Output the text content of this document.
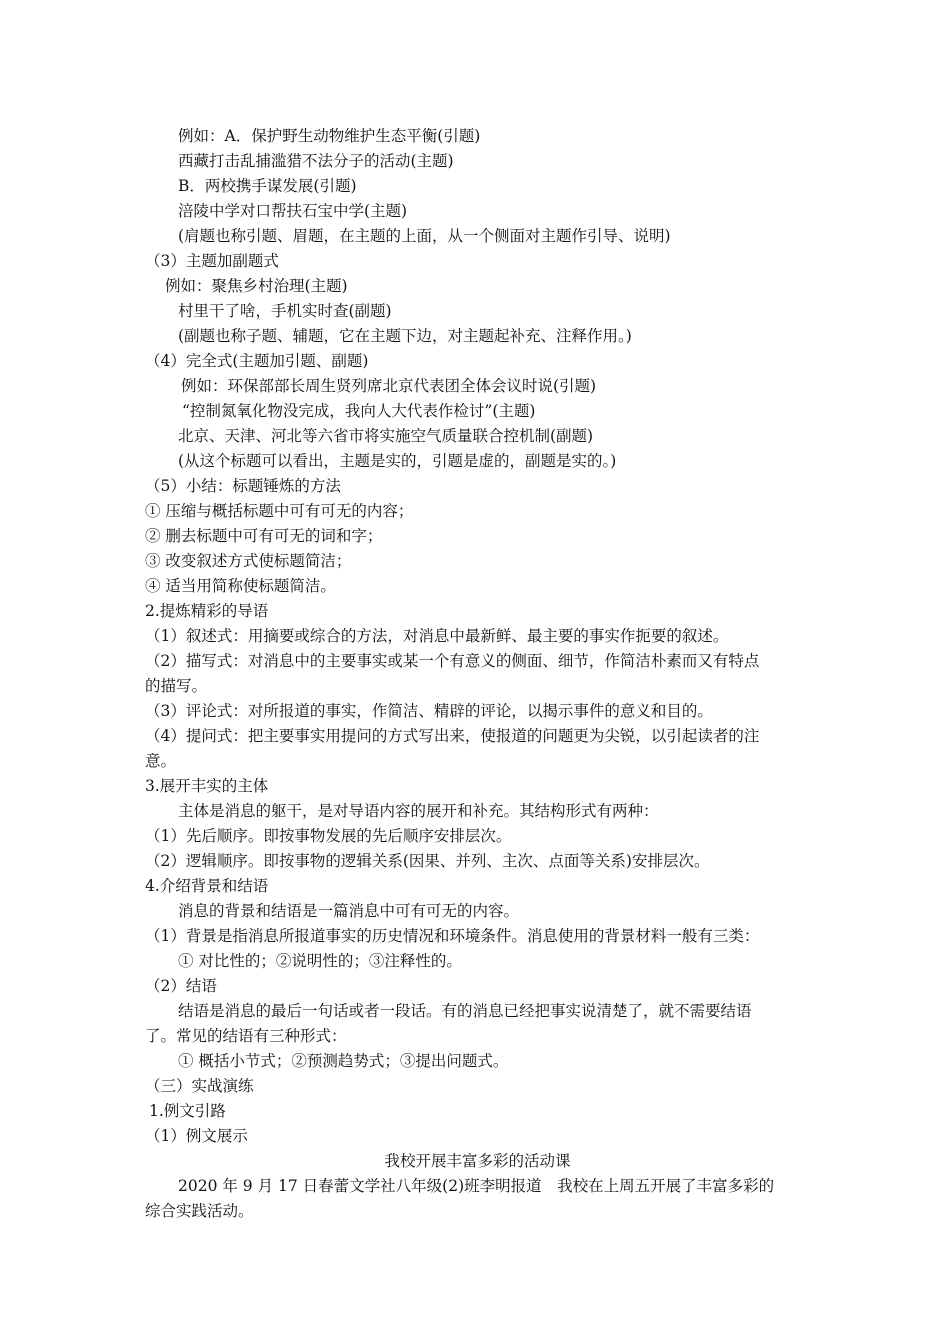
例如：A．保护野生动物维护生态平衡(引题)
西藏打击乱捕滥猎不法分子的活动(主题)
B．两校携手谋发展(引题)
涪陵中学对口帮扶石宝中学(主题)
(肩题也称引题、眉题，在主题的上面，从一个侧面对主题作引导、说明)
（3）主题加副题式
例如：聚焦乡村治理(主题)
村里干了啥，手机实时查(副题)
(副题也称子题、辅题，它在主题下边，对主题起补充、注释作用。)
（4）完全式(主题加引题、副题)
例如：环保部部长周生贤列席北京代表团全体会议时说(引题)
“控制氮氧化物没完成，我向人大代表作检讨”(主题)
北京、天津、河北等六省市将实施空气质量联合控机制(副题)
(从这个标题可以看出，主题是实的，引题是虚的，副题是实的。)
（5）小结：标题锤炼的方法
① 压缩与概括标题中可有可无的内容；
② 删去标题中可有可无的词和字；
③ 改变叙述方式使标题简洁；
④ 适当用简称使标题简洁。
2.提炼精彩的导语
（1）叙述式：用摘要或综合的方法，对消息中最新鲜、最主要的事实作扼要的叙述。
（2）描写式：对消息中的主要事实或某一个有意义的侧面、细节，作简洁朴素而又有特点
的描写。
（3）评论式：对所报道的事实，作简洁、精辟的评论，以揭示事件的意义和目的。
（4）提问式：把主要事实用提问的方式写出来，使报道的问题更为尖锐，以引起读者的注
意。
3.展开丰实的主体
主体是消息的躯干，是对导语内容的展开和补充。其结构形式有两种：
（1）先后顺序。即按事物发展的先后顺序安排层次。
（2）逻辑顺序。即按事物的逻辑关系(因果、并列、主次、点面等关系)安排层次。
4.介绍背景和结语
消息的背景和结语是一篇消息中可有可无的内容。
（1）背景是指消息所报道事实的历史情况和环境条件。消息使用的背景材料一般有三类：
① 对比性的；②说明性的；③注释性的。
（2）结语
结语是消息的最后一句话或者一段话。有的消息已经把事实说清楚了，就不需要结语
了。常见的结语有三种形式：
① 概括小节式；②预测趋势式；③提出问题式。
（三）实战演练
1.例文引路
（1）例文展示
我校开展丰富多彩的活动课
2020 年 9 月 17 日春蕾文学社八年级(2)班李明报道　我校在上周五开展了丰富多彩的
综合实践活动。
